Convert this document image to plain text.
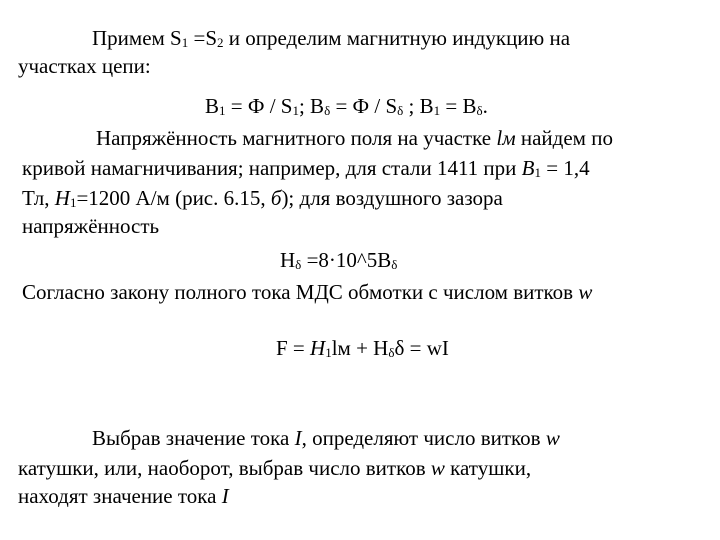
Примем S1 =S2 и определим магнитную индукцию на
участках цепи:
B1 = Ф / S1; Bδ = Ф / Sδ ; B1 = Bδ.
Напряжённость магнитного поля на участке lм найдем по
кривой намагничивания; например, для стали 1411 при B1 = 1,4
Тл, H1=1200 А/м (рис. 6.15, б); для воздушного зазора
напряжённость
Hδ =8·10^5Bδ
Согласно закону полного тока МДС обмотки с числом витков w
F = H1lм + Hδδ = wI
Выбрав значение тока I, определяют число витков w
катушки, или, наоборот, выбрав число витков w катушки,
находят значение тока I
